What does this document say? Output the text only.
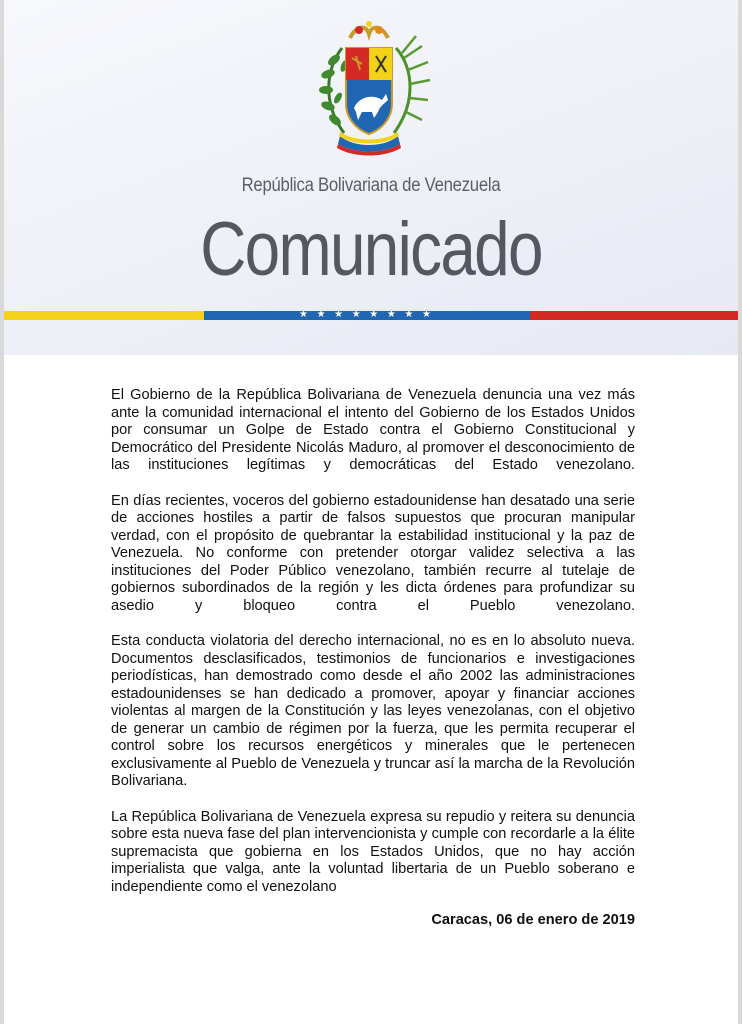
República Bolivariana de Venezuela
Comunicado
★★★★★★★★

El Gobierno de la República Bolivariana de Venezuela denuncia una vez más ante la comunidad internacional el intento del Gobierno de los Estados Unidos por consumar un Golpe de Estado contra el Gobierno Constitucional y Democrático del Presidente Nicolás Maduro, al promover el desconocimiento de las instituciones legítimas y democráticas del Estado venezolano.

En días recientes, voceros del gobierno estadounidense han desatado una serie de acciones hostiles a partir de falsos supuestos que procuran manipular verdad, con el propósito de quebrantar la estabilidad institucional y la paz de Venezuela. No conforme con pretender otorgar validez selectiva a las instituciones del Poder Público venezolano, también recurre al tutelaje de gobiernos subordinados de la región y les dicta órdenes para profundizar su asedio y bloqueo contra el Pueblo venezolano.

Esta conducta violatoria del derecho internacional, no es en lo absoluto nueva. Documentos desclasificados, testimonios de funcionarios e investigaciones periodísticas, han demostrado como desde el año 2002 las administraciones estadounidenses se han dedicado a promover, apoyar y financiar acciones violentas al margen de la Constitución y las leyes venezolanas, con el objetivo de generar un cambio de régimen por la fuerza, que les permita recuperar el control sobre los recursos energéticos y minerales que le pertenecen exclusivamente al Pueblo de Venezuela y truncar así la marcha de la Revolución Bolivariana.

La República Bolivariana de Venezuela expresa su repudio y reitera su denuncia sobre esta nueva fase del plan intervencionista y cumple con recordarle a la élite supremacista que gobierna en los Estados Unidos, que no hay acción imperialista que valga, ante la voluntad libertaria de un Pueblo soberano e independiente como el venezolano

Caracas, 06 de enero de 2019
